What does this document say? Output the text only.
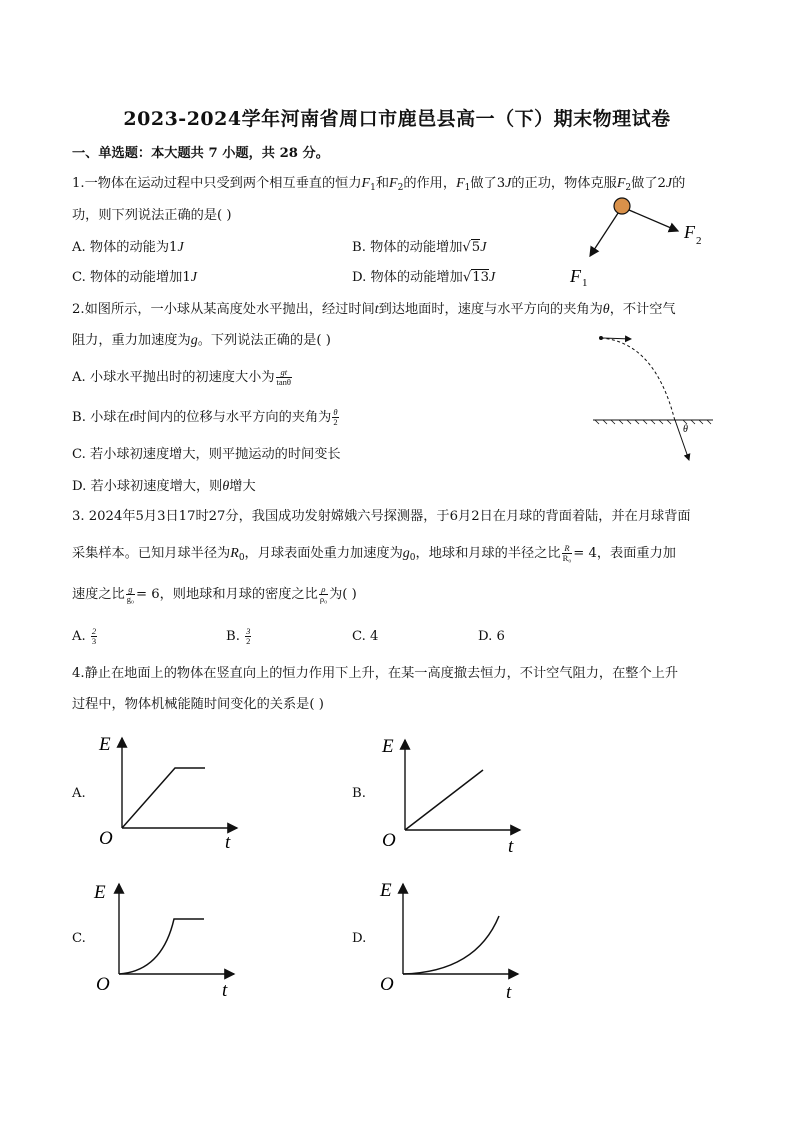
2023-2024学年河南省周口市鹿邑县高一（下）期末物理试卷
一、单选题：本大题共 7 小题，共 28 分。
1.一物体在运动过程中只受到两个相互垂直的恒力$F_1$和$F_2$的作用，$F_1$做了3J的正功，物体克服$F_2$做了2J的
功，则下列说法正确的是( )
A. 物体的动能为1J	B. 物体的动能增加√5J
C. 物体的动能增加1J	D. 物体的动能增加√13J	F 1
F 2
2.如图所示，一小球从某高度处水平抛出，经过时间t到达地面时，速度与水平方向的夹角为θ，不计空气
阻力，重力加速度为g。下列说法正确的是( )
A. 小球水平抛出时的初速度大小为 $\frac{gt}{\tan\theta}$
B. 小球在t时间内的位移与水平方向的夹角为 $\frac{\theta}{2}$
C. 若小球初速度增大，则平抛运动的时间变长
D. 若小球初速度增大，则θ增大
θ
3. 2024年5月3日17时27分，我国成功发射嫦娥六号探测器，于6月2日在月球的背面着陆，并在月球背面
采集样本。已知月球半径为$R_0$，月球表面处重力加速度为$g_0$，地球和月球的半径之比 $\frac{R}{\text{R₀}} = 4$，表面重力加
速度之比 $\frac{g}{\text{g₀}} = 6$，则地球和月球的密度之比 $\frac{\rho}{\text{ρ₀}}$ 为( )
A. $\frac{2}{3}$	B. $\frac{3}{2}$	C. 4	D. 6
4.静止在地面上的物体在竖直向上的恒力作用下上升，在某一高度撤去恒力，不计空气阻力，在整个上升
过程中，物体机械能随时间变化的关系是( )
A.	B.
C.	D.
E
O	t
E
O	t
E
O	t
E
O	t
